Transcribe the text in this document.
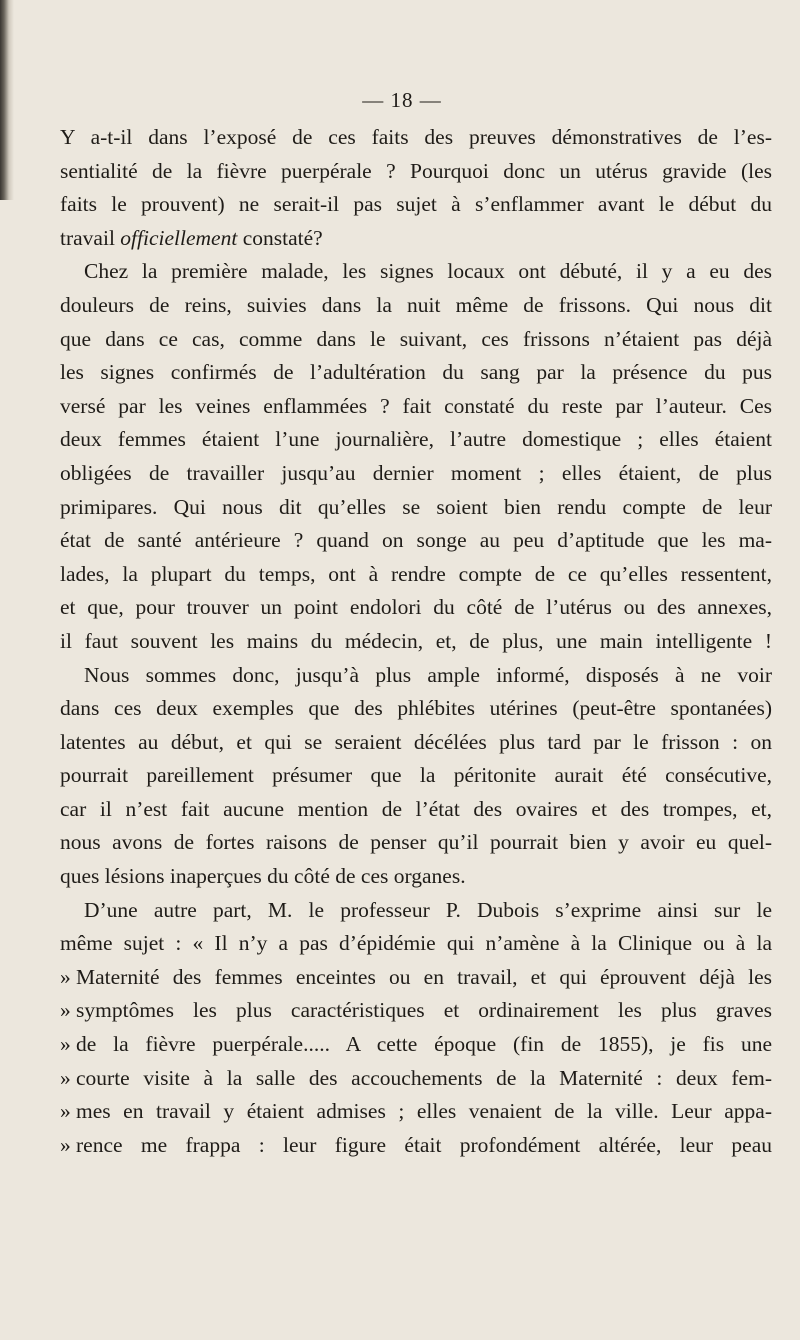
— 18 —
Y a-t-il dans l’exposé de ces faits des preuves démonstratives de l’es-
sentialité de la fièvre puerpérale ? Pourquoi donc un utérus gravide (les
faits le prouvent) ne serait-il pas sujet à s’enflammer avant le début du
travail officiellement constaté?
Chez la première malade, les signes locaux ont débuté, il y a eu des
douleurs de reins, suivies dans la nuit même de frissons. Qui nous dit
que dans ce cas, comme dans le suivant, ces frissons n’étaient pas déjà
les signes confirmés de l’adultération du sang par la présence du pus
versé par les veines enflammées ? fait constaté du reste par l’auteur. Ces
deux femmes étaient l’une journalière, l’autre domestique ; elles étaient
obligées de travailler jusqu’au dernier moment ; elles étaient, de plus
primipares. Qui nous dit qu’elles se soient bien rendu compte de leur
état de santé antérieure ? quand on songe au peu d’aptitude que les ma-
lades, la plupart du temps, ont à rendre compte de ce qu’elles ressentent,
et que, pour trouver un point endolori du côté de l’utérus ou des annexes,
il faut souvent les mains du médecin, et, de plus, une main intelligente !
Nous sommes donc, jusqu’à plus ample informé, disposés à ne voir
dans ces deux exemples que des phlébites utérines (peut-être spontanées)
latentes au début, et qui se seraient décélées plus tard par le frisson : on
pourrait pareillement présumer que la péritonite aurait été consécutive,
car il n’est fait aucune mention de l’état des ovaires et des trompes, et,
nous avons de fortes raisons de penser qu’il pourrait bien y avoir eu quel-
ques lésions inaperçues du côté de ces organes.
D’une autre part, M. le professeur P. Dubois s’exprime ainsi sur le
même sujet : « Il n’y a pas d’épidémie qui n’amène à la Clinique ou à la
» Maternité des femmes enceintes ou en travail, et qui éprouvent déjà les
» symptômes les plus caractéristiques et ordinairement les plus graves
» de la fièvre puerpérale..... A cette époque (fin de 1855), je fis une
» courte visite à la salle des accouchements de la Maternité : deux fem-
» mes en travail y étaient admises ; elles venaient de la ville. Leur appa-
» rence me frappa : leur figure était profondément altérée, leur peau
